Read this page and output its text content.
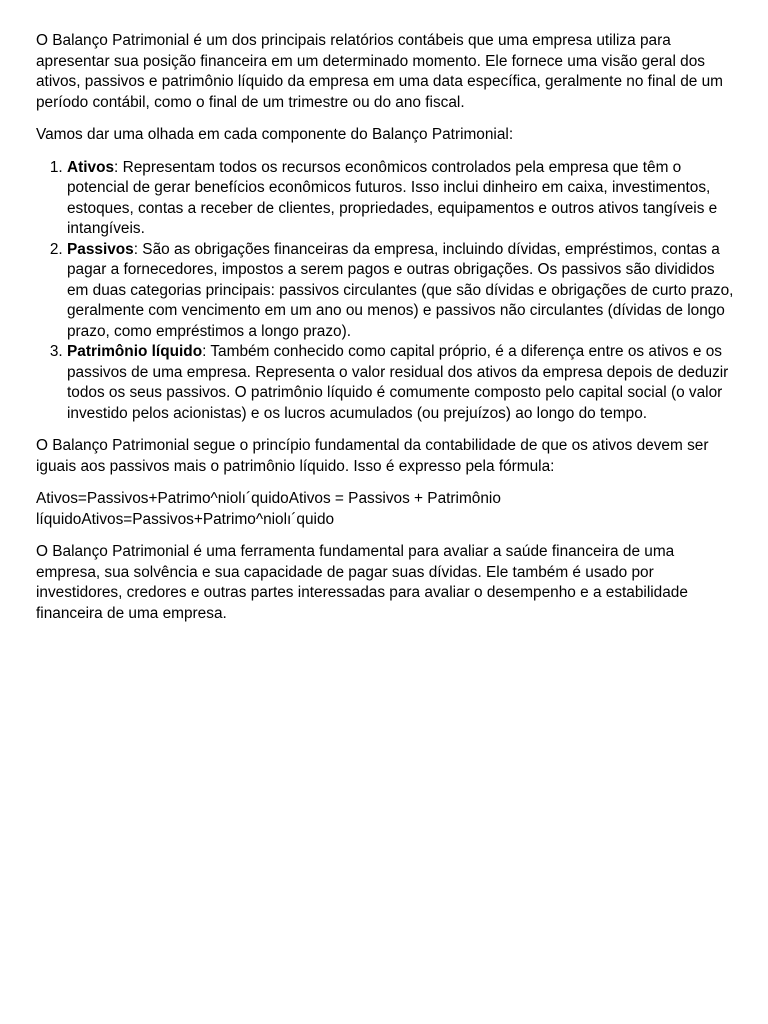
O Balanço Patrimonial é um dos principais relatórios contábeis que uma empresa utiliza para apresentar sua posição financeira em um determinado momento. Ele fornece uma visão geral dos ativos, passivos e patrimônio líquido da empresa em uma data específica, geralmente no final de um período contábil, como o final de um trimestre ou do ano fiscal.

Vamos dar uma olhada em cada componente do Balanço Patrimonial:

1. Ativos: Representam todos os recursos econômicos controlados pela empresa que têm o potencial de gerar benefícios econômicos futuros. Isso inclui dinheiro em caixa, investimentos, estoques, contas a receber de clientes, propriedades, equipamentos e outros ativos tangíveis e intangíveis.
2. Passivos: São as obrigações financeiras da empresa, incluindo dívidas, empréstimos, contas a pagar a fornecedores, impostos a serem pagos e outras obrigações. Os passivos são divididos em duas categorias principais: passivos circulantes (que são dívidas e obrigações de curto prazo, geralmente com vencimento em um ano ou menos) e passivos não circulantes (dívidas de longo prazo, como empréstimos a longo prazo).
3. Patrimônio líquido: Também conhecido como capital próprio, é a diferença entre os ativos e os passivos de uma empresa. Representa o valor residual dos ativos da empresa depois de deduzir todos os seus passivos. O patrimônio líquido é comumente composto pelo capital social (o valor investido pelos acionistas) e os lucros acumulados (ou prejuízos) ao longo do tempo.

O Balanço Patrimonial segue o princípio fundamental da contabilidade de que os ativos devem ser iguais aos passivos mais o patrimônio líquido. Isso é expresso pela fórmula:

Ativos=Passivos+Patrimo^niolı´quidoAtivos = Passivos + Patrimônio líquidoAtivos=Passivos+Patrimo^niolı´quido

O Balanço Patrimonial é uma ferramenta fundamental para avaliar a saúde financeira de uma empresa, sua solvência e sua capacidade de pagar suas dívidas. Ele também é usado por investidores, credores e outras partes interessadas para avaliar o desempenho e a estabilidade financeira de uma empresa.
